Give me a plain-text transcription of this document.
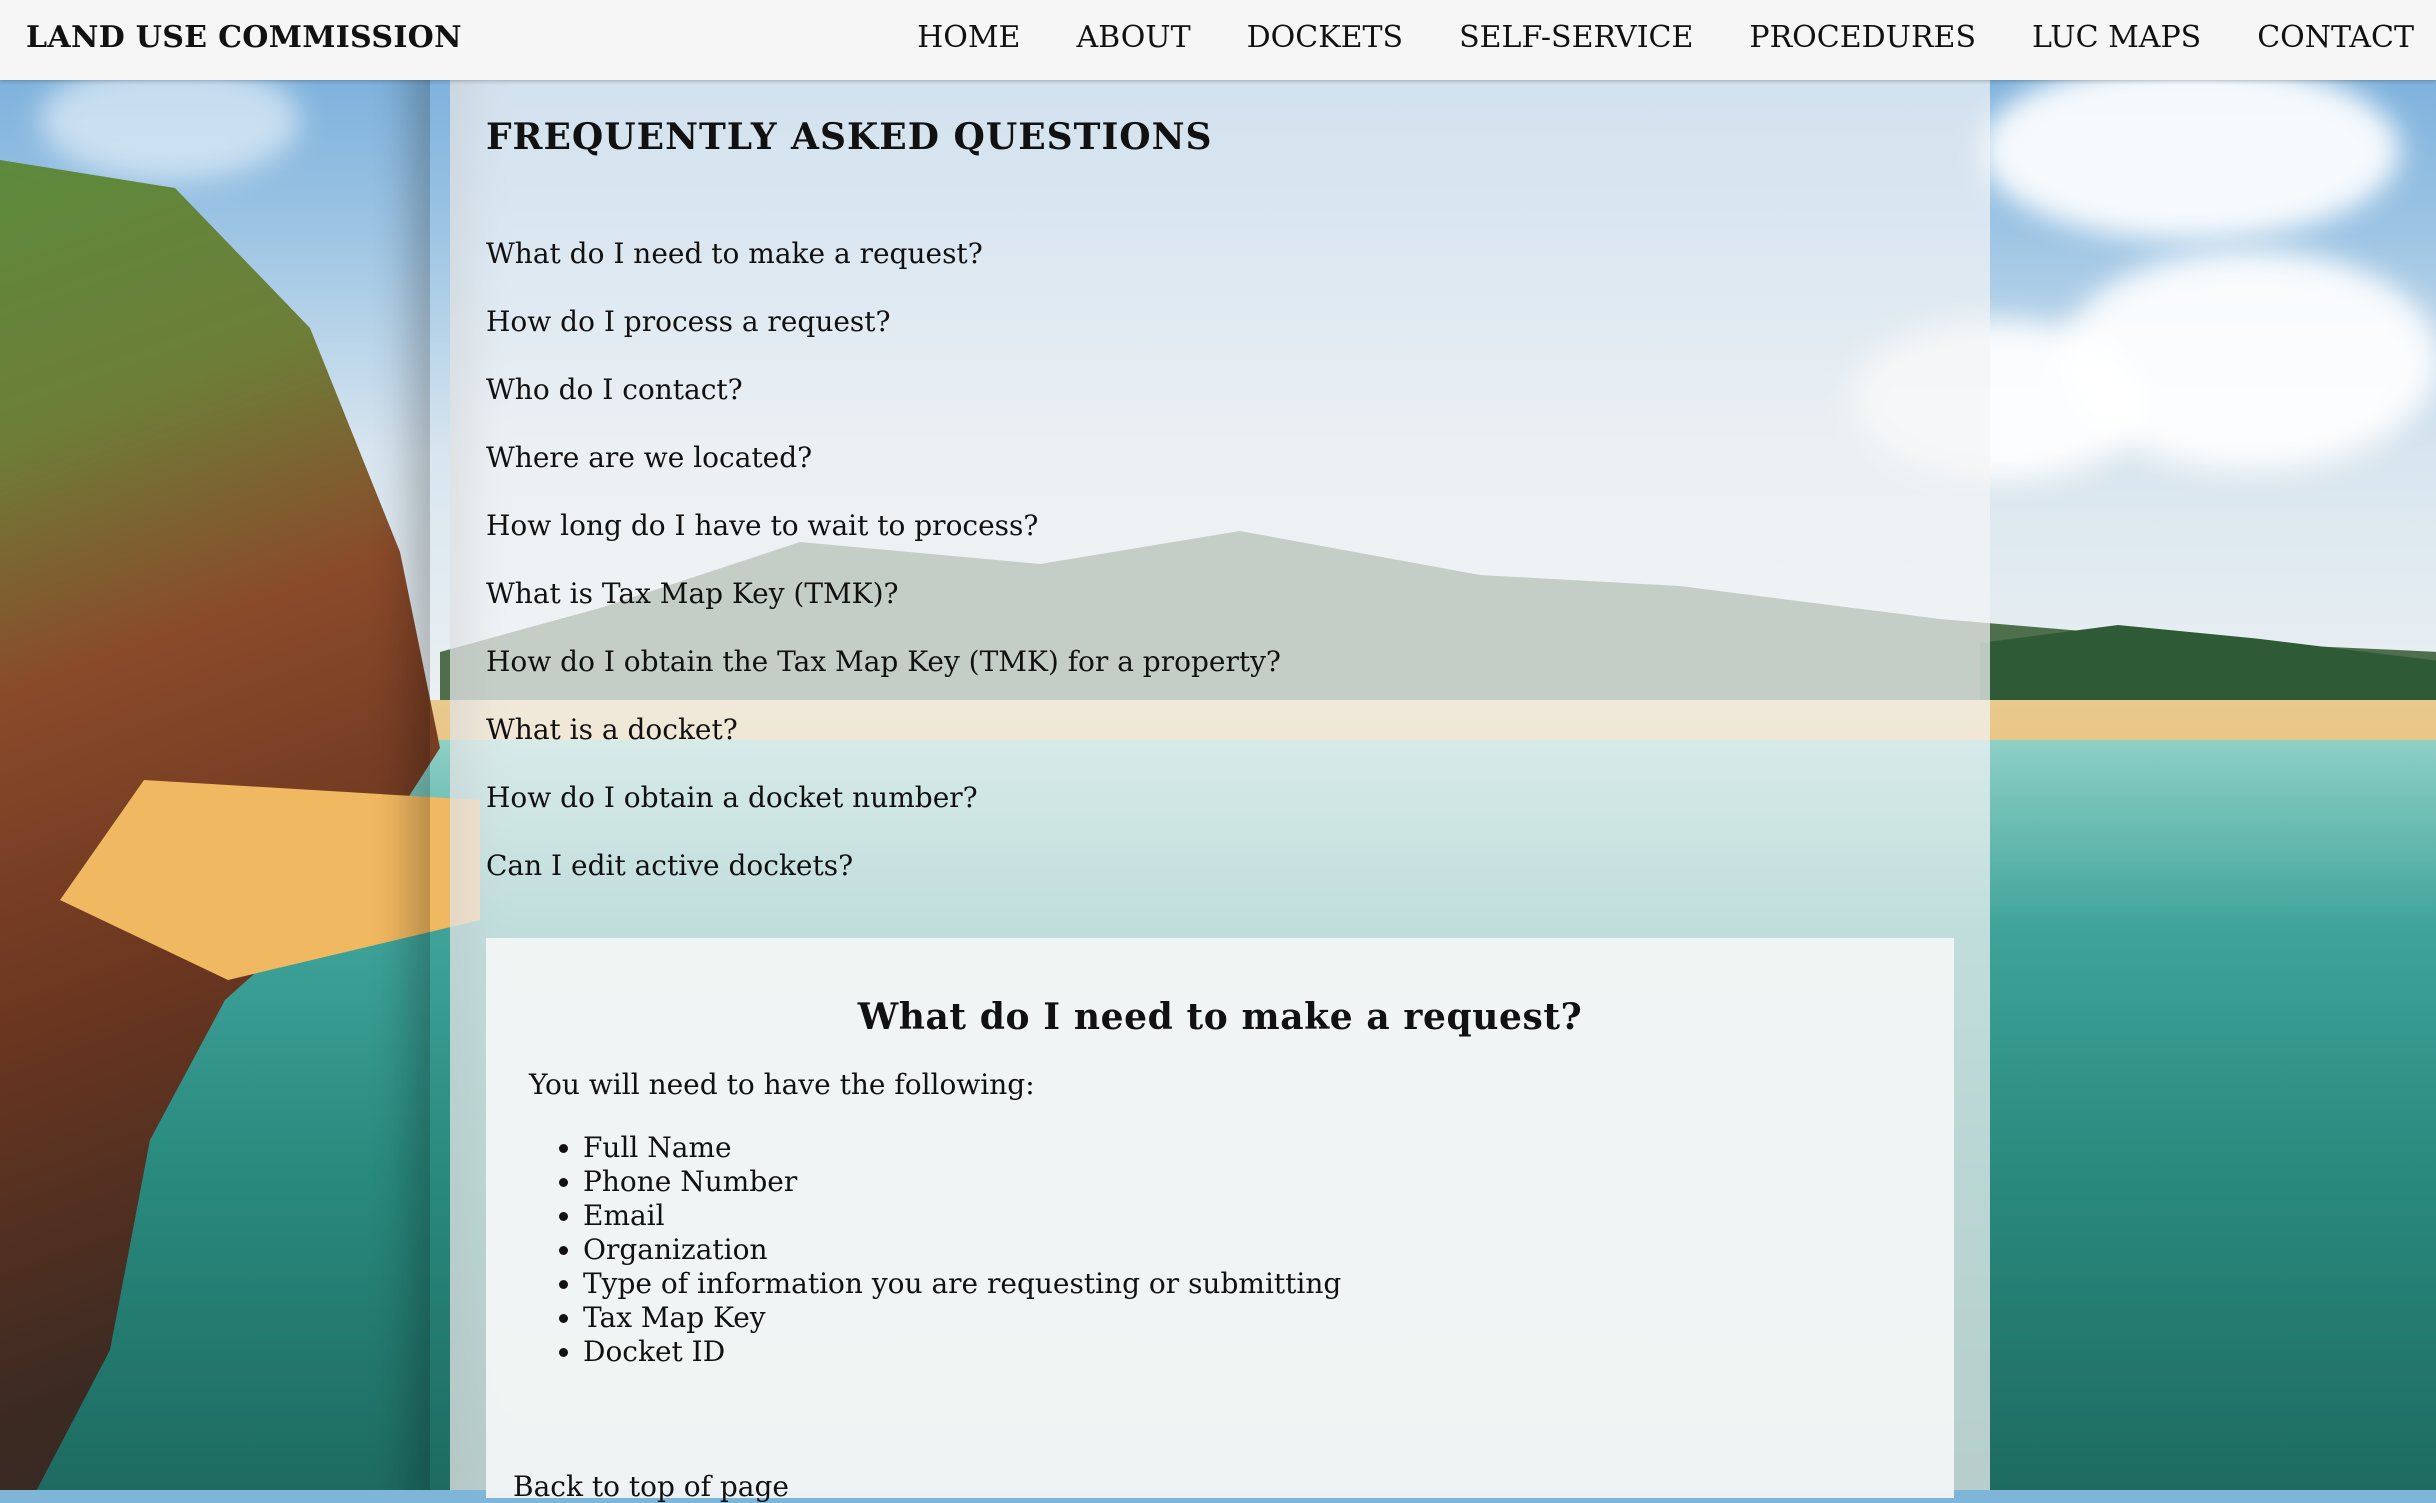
LAND USE COMMISSION	HOME ABOUT DOCKETS SELF-SERVICE PROCEDURES LUC MAPS CONTACT
FREQUENTLY ASKED QUESTIONS
What do I need to make a request?
How do I process a request?
Who do I contact?
Where are we located?
How long do I have to wait to process?
What is Tax Map Key (TMK)?
How do I obtain the Tax Map Key (TMK) for a property?
What is a docket?
How do I obtain a docket number?
Can I edit active dockets?
What do I need to make a request?

You will need to have the following:

• Full Name
• Phone Number
• Email
• Organization
• Type of information you are requesting or submitting
• Tax Map Key
• Docket ID
Back to top of page
